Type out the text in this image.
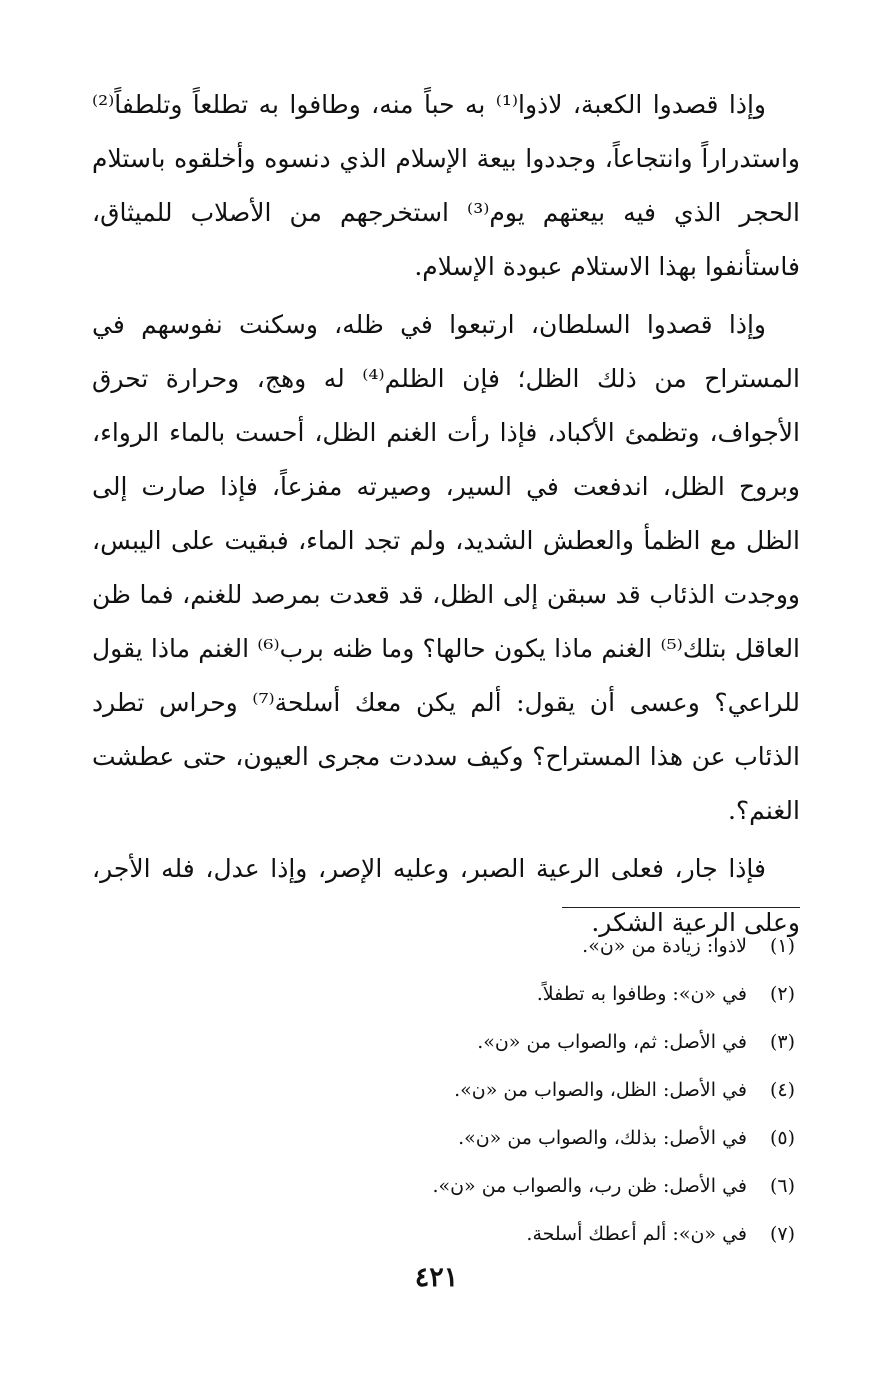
وإذا قصدوا الكعبة، لاذوا⁽¹⁾ به حباً منه، وطافوا به تطلعاً وتلطفاً⁽²⁾ واستدراراً وانتجاعاً، وجددوا بيعة الإسلام الذي دنسوه وأخلقوه باستلام الحجر الذي فيه بيعتهم يوم⁽³⁾ استخرجهم من الأصلاب للميثاق، فاستأنفوا بهذا الاستلام عبودة الإسلام.

وإذا قصدوا السلطان، ارتبعوا في ظله، وسكنت نفوسهم في المستراح من ذلك الظل؛ فإن الظلم⁽⁴⁾ له وهج، وحرارة تحرق الأجواف، وتظمئ الأكباد، فإذا رأت الغنم الظل، أحست بالماء الرواء، وبروح الظل، اندفعت في السير، وصيرته مفزعاً، فإذا صارت إلى الظل مع الظمأ والعطش الشديد، ولم تجد الماء، فبقيت على اليبس، ووجدت الذئاب قد سبقن إلى الظل، قد قعدت بمرصد للغنم، فما ظن العاقل بتلك⁽⁵⁾ الغنم ماذا يكون حالها؟ وما ظنه برب⁽⁶⁾ الغنم ماذا يقول للراعي؟ وعسى أن يقول: ألم يكن معك أسلحة⁽⁷⁾ وحراس تطرد الذئاب عن هذا المستراح؟ وكيف سددت مجرى العيون، حتى عطشت الغنم؟.

فإذا جار، فعلى الرعية الصبر، وعليه الإصر، وإذا عدل، فله الأجر، وعلى الرعية الشكر.

(١)لاذوا: زيادة من «ن».
(٢)في «ن»: وطافوا به تطفلاً.
(٣)في الأصل: ثم، والصواب من «ن».
(٤)في الأصل: الظل، والصواب من «ن».
(٥)في الأصل: بذلك، والصواب من «ن».
(٦)في الأصل: ظن رب، والصواب من «ن».
(٧)في «ن»: ألم أعطك أسلحة.
٤٢١
